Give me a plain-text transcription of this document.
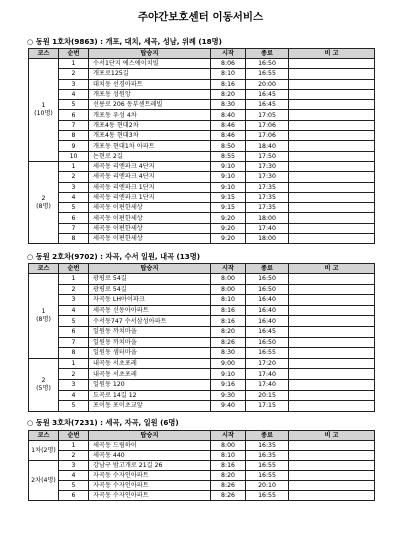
주야간보호센터 이동서비스
○ 동원 1호차(9863) : 개포, 대치, 세곡, 성남, 위례 (18명)
코스	순번	탑승지	시작	종료	비 고

1
(10명)	1	수서1단지 에스에이치빌	8:06	16:50	
	2	개포로125길	8:10	16:55	
	3	대치동 선경아파트	8:16	20:00	
	4	개포동 성원앙	8:20	16:45	
	5	선릉로 206 동부센트레빌	8:30	16:45	
	6	개포동 우성 4차	8:40	17:05	
	7	개포4동 현대2차	8:46	17:06	
	8	개포4동 현대3차	8:46	17:06	
	9	개포동 현대1차 아파트	8:50	18:40	
	10	논현로 2길	8:55	17:50	

2
(8명)	1	세곡동 리엔파크 4단지	9:10	17:30	
	2	세곡동 리엔파크 4단지	9:10	17:30	
	3	세곡동 리엔파크 1단지	9:10	17:35	
	4	세곡동 리엔파크 1단지	9:15	17:35	
	5	세곡동 이편한세상	9:15	17:35	
	6	세곡동 이편한세상	9:20	18:00	
	7	세곡동 이편한세상	9:20	17:40	
	8	세곡동 이편한세상	9:20	18:00	
○ 동원 2호차(9702) : 자곡, 수서 일원, 내곡 (13명)
코스	순번	탑승지	시작	종료	비 고

1
(8명)	1	광평로 54길	8:00	16:50	
	2	광평로 54길	8:00	16:50	
	3	자곡동 LH아이파크	8:10	16:40	
	4	세곡동 신동아아파트	8:16	16:40	
	5	수서동747 수서삼성아파트	8:16	16:40	
	6	일원동 까치마을	8:20	16:45	
	7	일원동 까치마을	8:26	16:50	
	8	일원동 샘터마을	8:30	16:55	

2
(5명)	1	내곡동 서초포레	9:00	17:20	
	2	내곡동 서초포레	9:10	17:40	
	3	일원동 120	9:16	17:40	
	4	도곡로 14길 12	9:30	20:15	
	5	포이동 포이초교앞	9:40	17:15	
○ 동원 3호차(7231) : 세곡, 자곡, 일원 (6명)
코스	순번	탑승지	시작	종료	비 고

1차(2명)	1	세곡동 드림하이	8:00	16:35	
	2	세곡동 440	8:10	16:35	

2차(4명)	3	강남구 밤고개로 21길 26	8:16	16:55	
	4	자곡동 수자인아파트	8:20	16:55	
	5	자곡동 수자인아파트	8:26	20:10	
	6	자곡동 수자인아파트	8:26	16:55	
